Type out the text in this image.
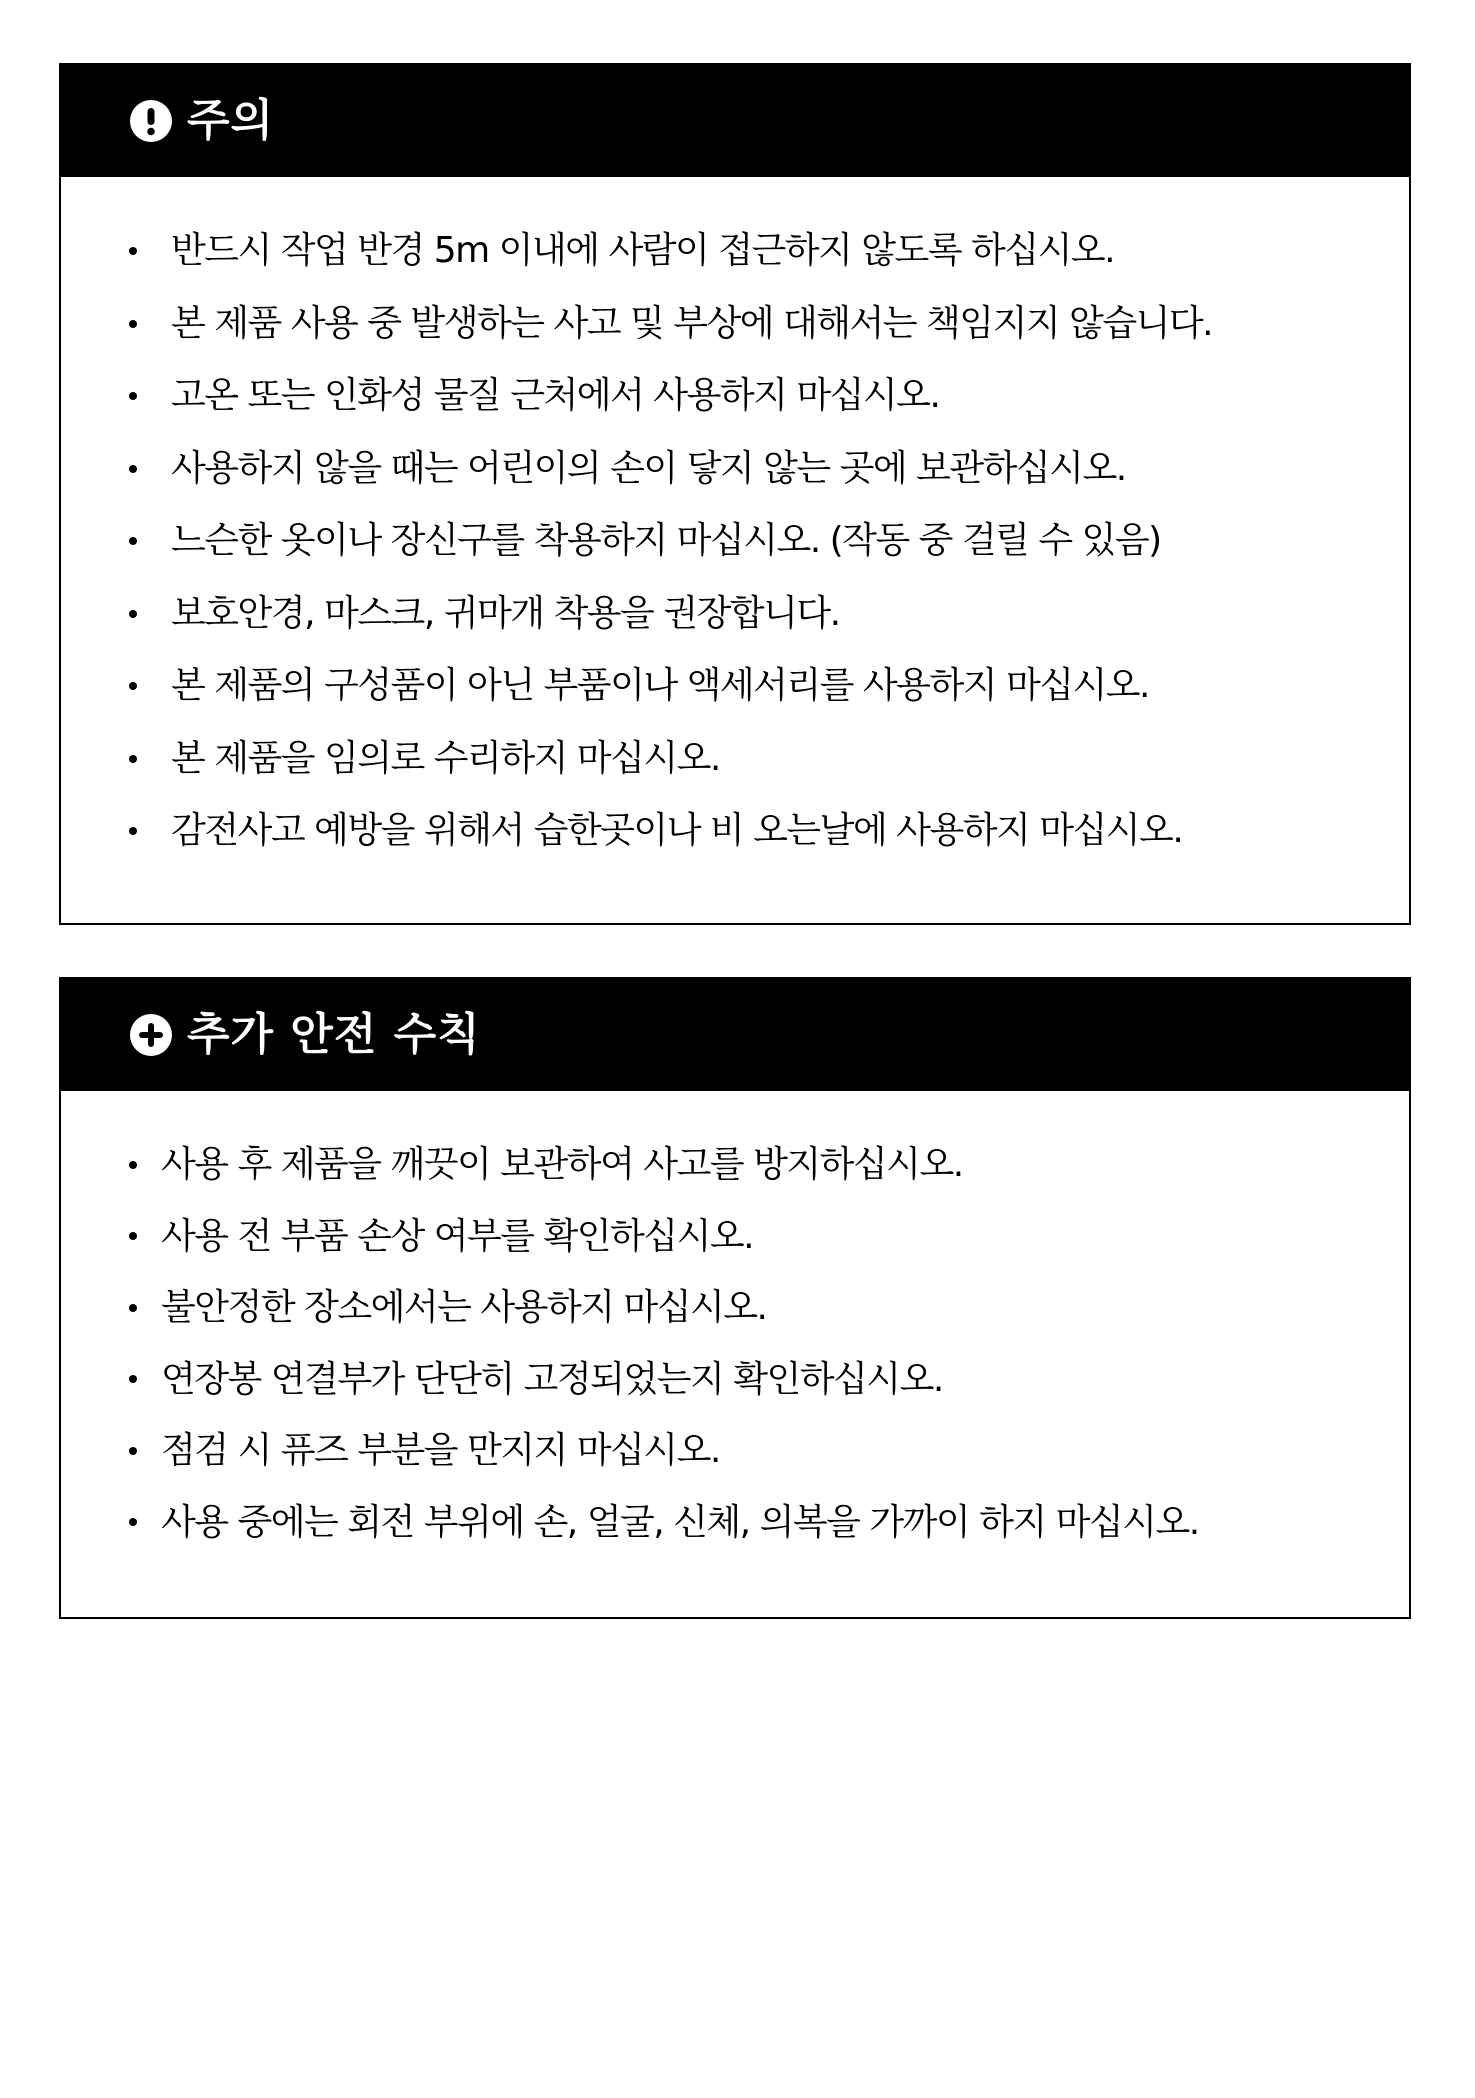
주의
반드시 작업 반경 5m 이내에 사람이 접근하지 않도록 하십시오.
본 제품 사용 중 발생하는 사고 및 부상에 대해서는 책임지지 않습니다.
고온 또는 인화성 물질 근처에서 사용하지 마십시오.
사용하지 않을 때는 어린이의 손이 닿지 않는 곳에 보관하십시오.
느슨한 옷이나 장신구를 착용하지 마십시오. (작동 중 걸릴 수 있음)
보호안경, 마스크, 귀마개 착용을 권장합니다.
본 제품의 구성품이 아닌 부품이나 액세서리를 사용하지 마십시오.
본 제품을 임의로 수리하지 마십시오.
감전사고 예방을 위해서 습한곳이나 비 오는날에 사용하지 마십시오.
추가 안전 수칙
사용 후 제품을 깨끗이 보관하여 사고를 방지하십시오.
사용 전 부품 손상 여부를 확인하십시오.
불안정한 장소에서는 사용하지 마십시오.
연장봉 연결부가 단단히 고정되었는지 확인하십시오.
점검 시 퓨즈 부분을 만지지 마십시오.
사용 중에는 회전 부위에 손, 얼굴, 신체, 의복을 가까이 하지 마십시오.
